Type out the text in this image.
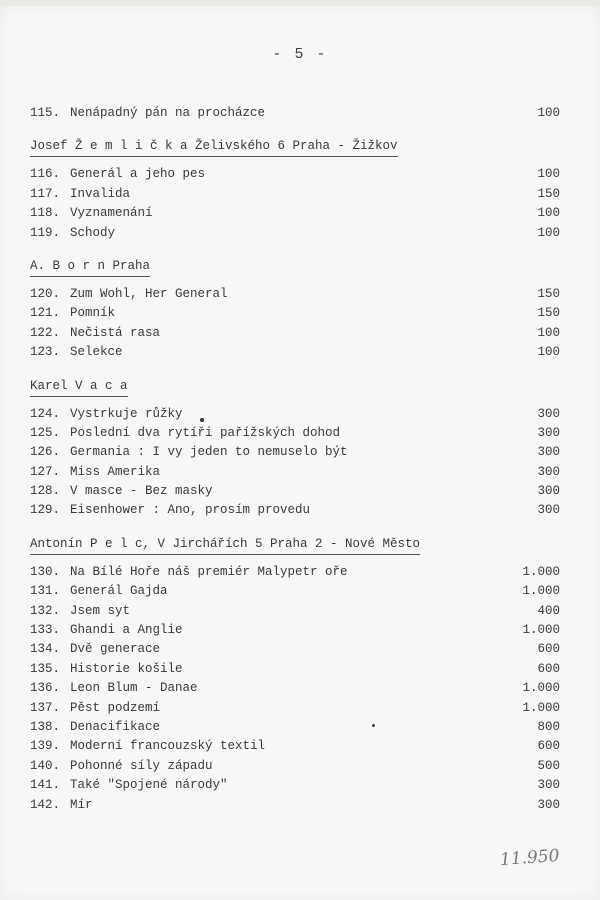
- 5 -
115. Nenápadný pán na procházce	100
Josef Ž e m l i č k a Želivského 6 Praha - Žižkov
116. Generál a jeho pes	100
117. Invalida	150
118. Vyznamenání	100
119. Schody	100
A. B o r n Praha
120. Zum Wohl, Her General	150
121. Pomník	150
122. Nečistá rasa	100
123. Selekce	100
Karel V a c a
124. Vystrkuje růžky	300
125. Poslední dva rytíři pařížských dohod	300
126. Germania : I vy jeden to nemuselo být	300
127. Miss Amerika	300
128. V masce - Bez masky	300
129. Eisenhower : Ano, prosím provedu	300
Antonín P e l c, V Jirchářích 5 Praha 2 - Nové Město
130. Na Bílé Hoře náš premiér Malypetr oře	1.000
131. Generál Gajda	1.000
132. Jsem syt	400
133. Ghandi a Anglie	1.000
134. Dvě generace	600
135. Historie košile	600
136. Leon Blum - Danae	1.000
137. Pěst podzemí	1.000
138. Denacifikace	800
139. Moderní francouzský textil	600
140. Pohonné síly západu	500
141. Také "Spojené národy"	300
142. Mír	300
11.950
